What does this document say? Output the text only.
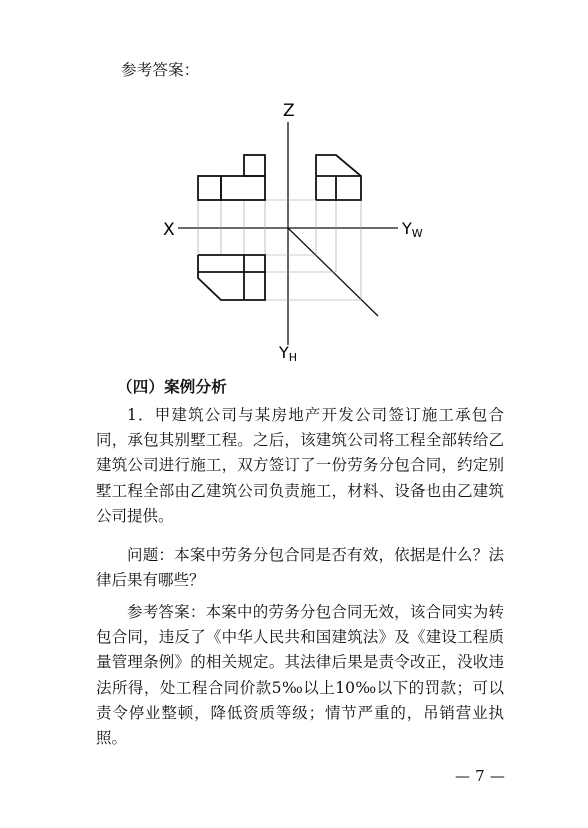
参考答案：
Z
X	YW
YH
（四）案例分析
1．甲建筑公司与某房地产开发公司签订施工承包合同，承包其别墅工程。之后，该建筑公司将工程全部转给乙建筑公司进行施工，双方签订了一份劳务分包合同，约定别墅工程全部由乙建筑公司负责施工，材料、设备也由乙建筑公司提供。
问题：本案中劳务分包合同是否有效，依据是什么？法律后果有哪些？
参考答案：本案中的劳务分包合同无效，该合同实为转包合同，违反了《中华人民共和国建筑法》及《建设工程质量管理条例》的相关规定。其法律后果是责令改正，没收违法所得，处工程合同价款5‰以上10‰以下的罚款；可以责令停业整顿，降低资质等级；情节严重的，吊销营业执照。
— 7 —
